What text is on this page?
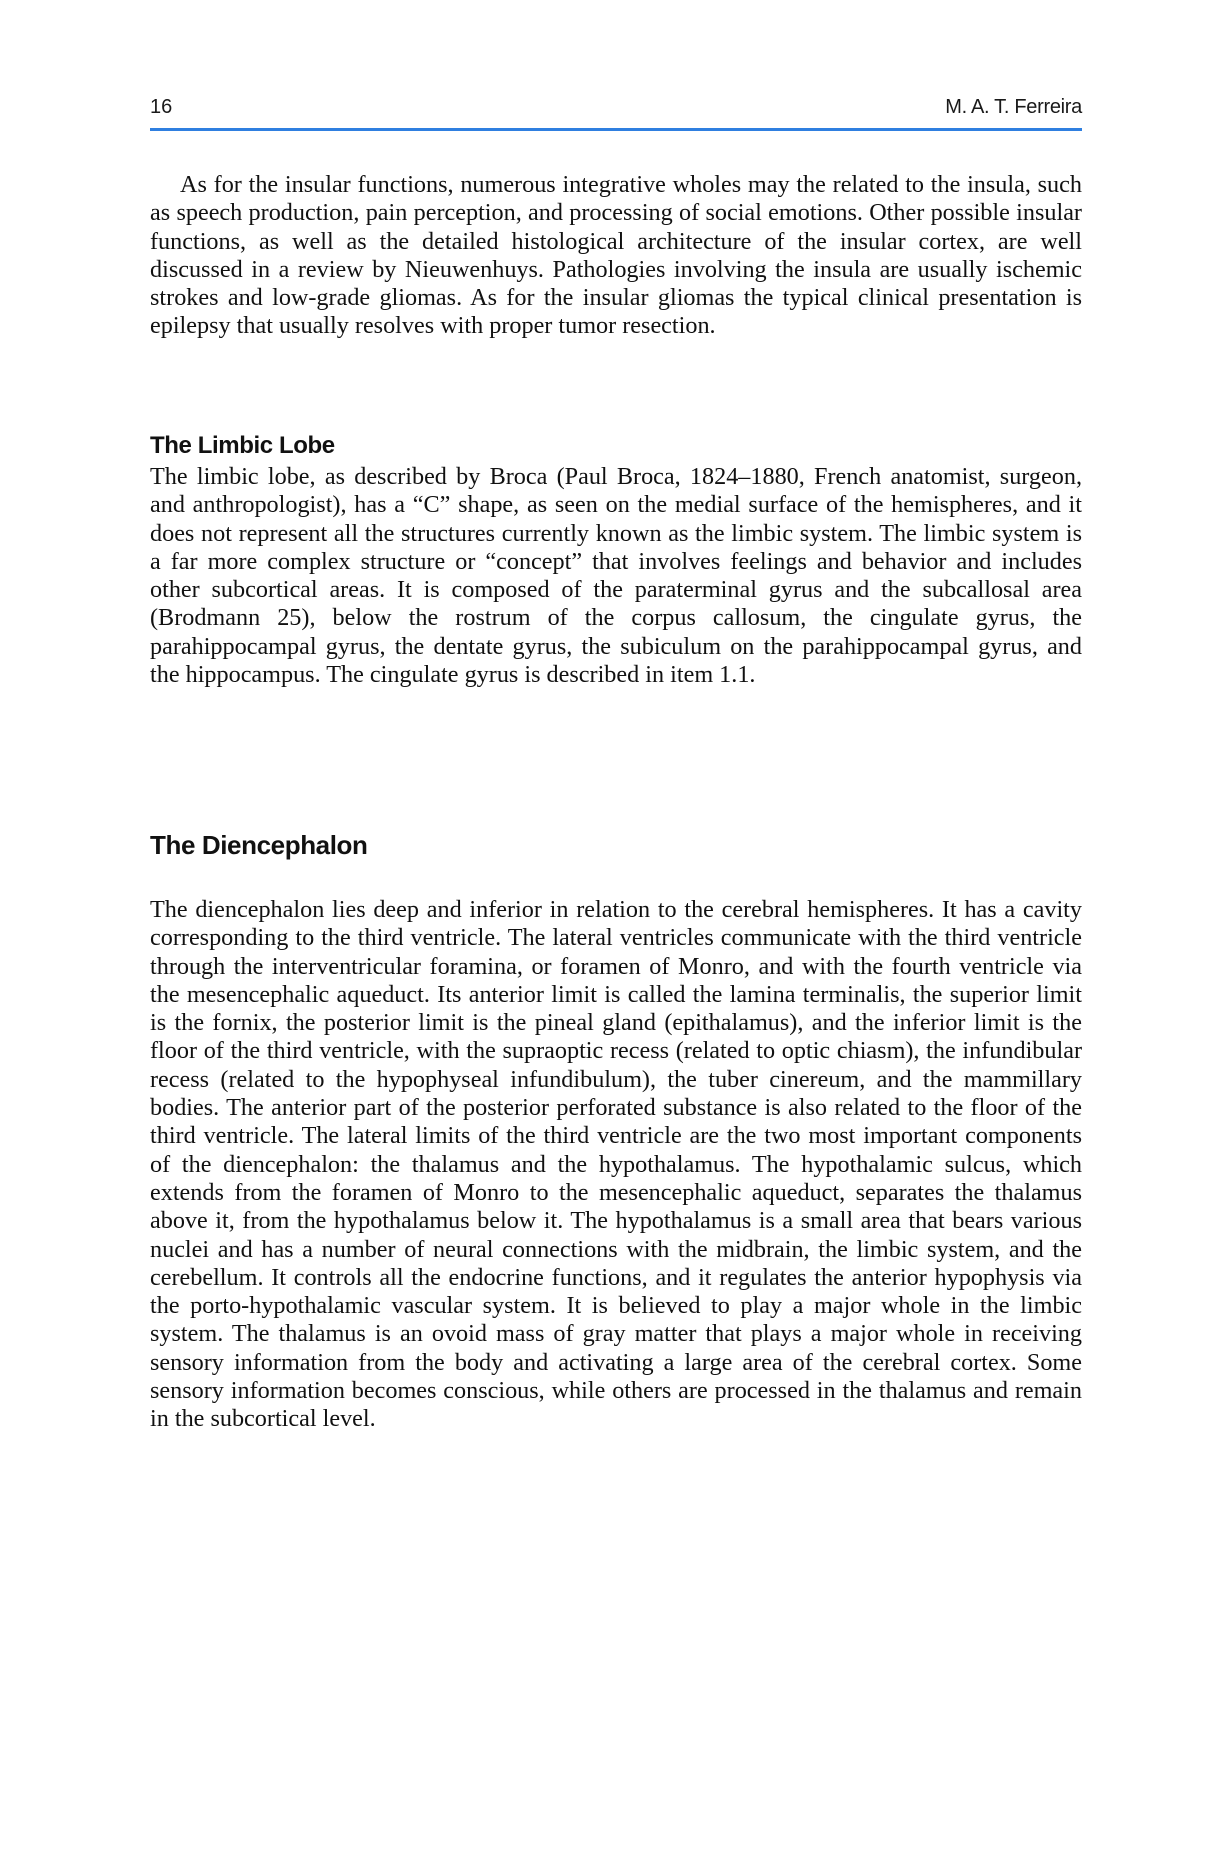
16	M. A. T. Ferreira

As for the insular functions, numerous integrative wholes may the related to the insula, such as speech production, pain perception, and processing of social emotions. Other possible insular functions, as well as the detailed histological architecture of the insular cortex, are well discussed in a review by Nieuwenhuys. Pathologies involving the insula are usually ischemic strokes and low-grade gliomas. As for the insular gliomas the typical clinical presentation is epilepsy that usually resolves with proper tumor resection.

The Limbic Lobe

The limbic lobe, as described by Broca (Paul Broca, 1824–1880, French anatomist, surgeon, and anthropologist), has a “C” shape, as seen on the medial surface of the hemispheres, and it does not represent all the structures currently known as the limbic system. The limbic system is a far more complex structure or “concept” that involves feelings and behavior and includes other subcortical areas. It is composed of the paraterminal gyrus and the subcallosal area (Brodmann 25), below the rostrum of the corpus callosum, the cingulate gyrus, the parahippocampal gyrus, the dentate gyrus, the subiculum on the parahippocampal gyrus, and the hippocampus. The cingulate gyrus is described in item 1.1.

The Diencephalon

The diencephalon lies deep and inferior in relation to the cerebral hemispheres. It has a cavity corresponding to the third ventricle. The lateral ventricles communicate with the third ventricle through the interventricular foramina, or foramen of Monro, and with the fourth ventricle via the mesencephalic aqueduct. Its anterior limit is called the lamina terminalis, the superior limit is the fornix, the posterior limit is the pineal gland (epithalamus), and the inferior limit is the floor of the third ventricle, with the supraoptic recess (related to optic chiasm), the infundibular recess (related to the hypophyseal infundibulum), the tuber cinereum, and the mammillary bodies. The anterior part of the posterior perforated substance is also related to the floor of the third ventricle. The lateral limits of the third ventricle are the two most important components of the diencephalon: the thalamus and the hypothalamus. The hypothalamic sulcus, which extends from the foramen of Monro to the mesencephalic aqueduct, separates the thalamus above it, from the hypothalamus below it. The hypothalamus is a small area that bears various nuclei and has a number of neural connections with the midbrain, the limbic system, and the cerebellum. It controls all the endocrine functions, and it regulates the anterior hypophysis via the porto-hypothalamic vascular system. It is believed to play a major whole in the limbic system. The thalamus is an ovoid mass of gray matter that plays a major whole in receiving sensory information from the body and activating a large area of the cerebral cortex. Some sensory information becomes conscious, while others are processed in the thalamus and remain in the subcortical level.
